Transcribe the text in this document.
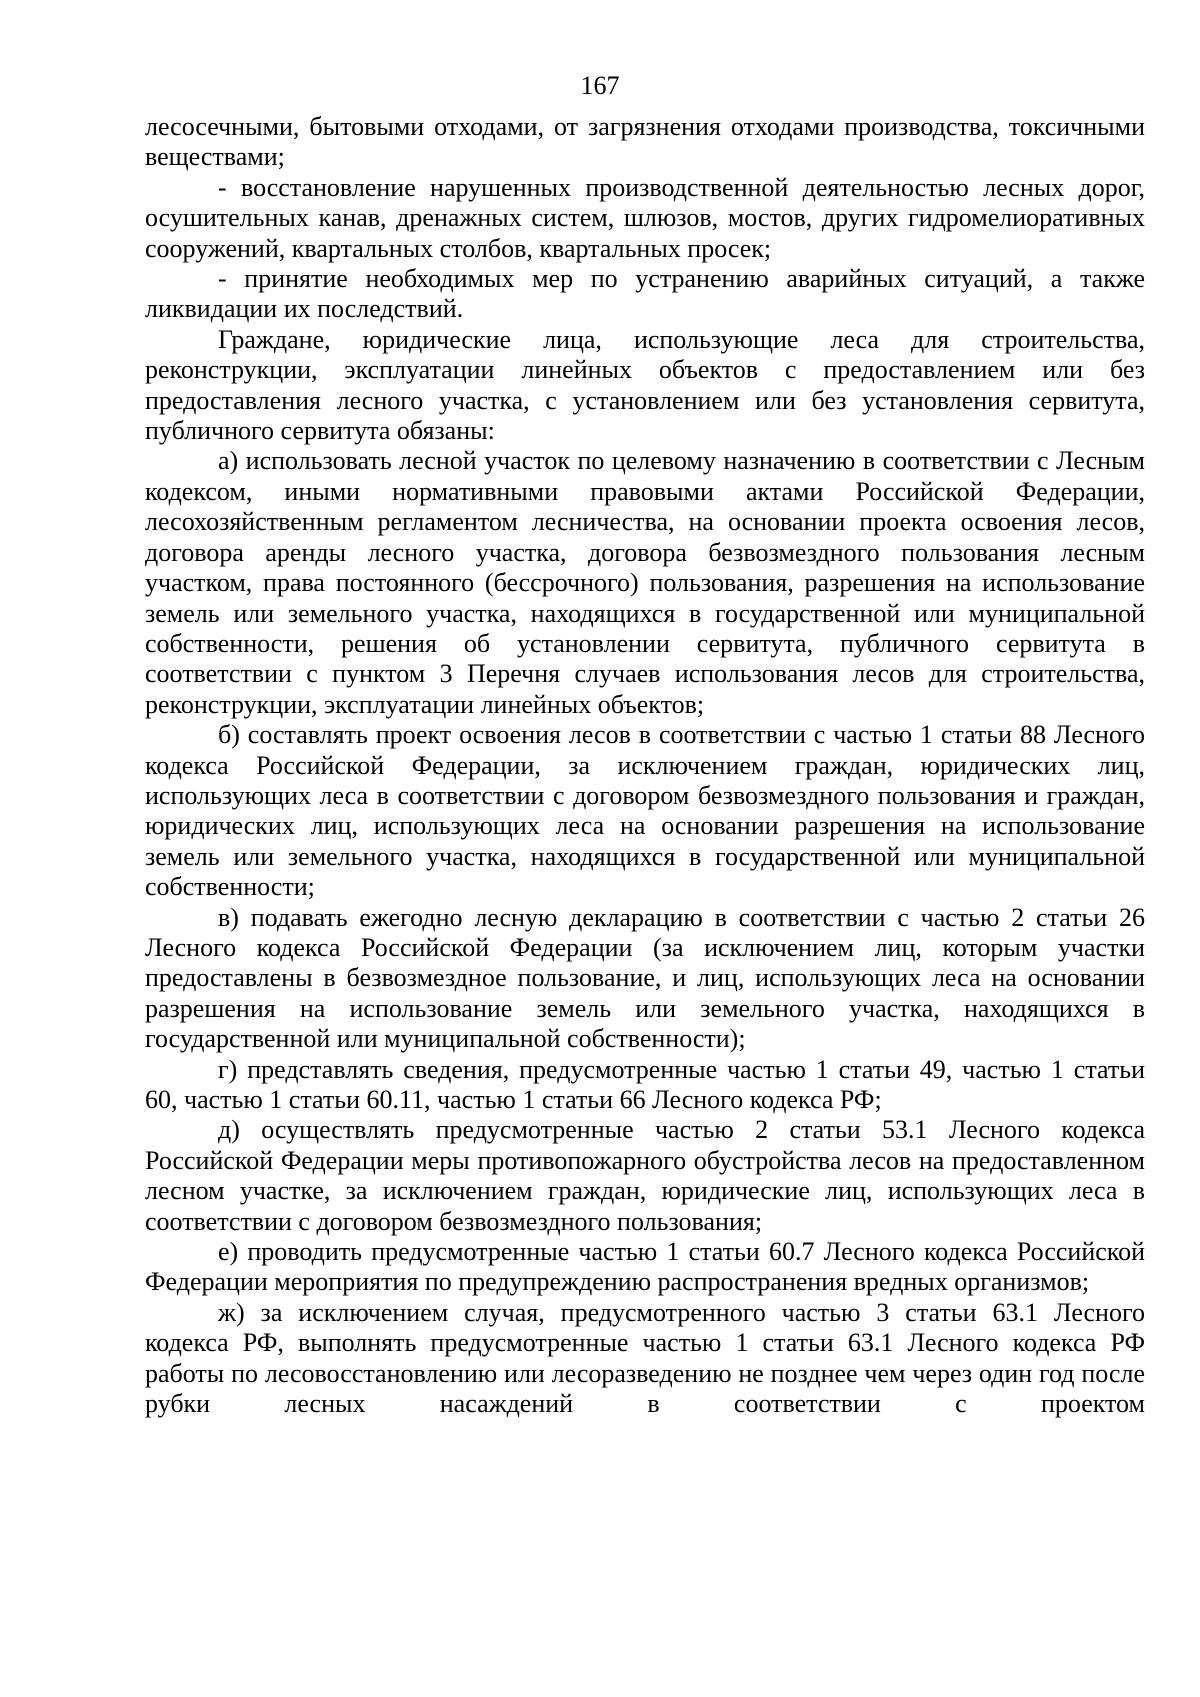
167

лесосечными, бытовыми отходами, от загрязнения отходами производства, токсичными веществами;

- восстановление нарушенных производственной деятельностью лесных дорог, осушительных канав, дренажных систем, шлюзов, мостов, других гидромелиоративных сооружений, квартальных столбов, квартальных просек;

- принятие необходимых мер по устранению аварийных ситуаций, а также ликвидации их последствий.

Граждане, юридические лица, использующие леса для строительства, реконструкции, эксплуатации линейных объектов с предоставлением или без предоставления лесного участка, с установлением или без установления сервитута, публичного сервитута обязаны:

а) использовать лесной участок по целевому назначению в соответствии с Лесным кодексом, иными нормативными правовыми актами Российской Федерации, лесохозяйственным регламентом лесничества, на основании проекта освоения лесов, договора аренды лесного участка, договора безвозмездного пользования лесным участком, права постоянного (бессрочного) пользования, разрешения на использование земель или земельного участка, находящихся в государственной или муниципальной собственности, решения об установлении сервитута, публичного сервитута в соответствии с пунктом 3 Перечня случаев использования лесов для строительства, реконструкции, эксплуатации линейных объектов;

б) составлять проект освоения лесов в соответствии с частью 1 статьи 88 Лесного кодекса Российской Федерации, за исключением граждан, юридических лиц, использующих леса в соответствии с договором безвозмездного пользования и граждан, юридических лиц, использующих леса на основании разрешения на использование земель или земельного участка, находящихся в государственной или муниципальной собственности;

в) подавать ежегодно лесную декларацию в соответствии с частью 2 статьи 26 Лесного кодекса Российской Федерации (за исключением лиц, которым участки предоставлены в безвозмездное пользование, и лиц, использующих леса на основании разрешения на использование земель или земельного участка, находящихся в государственной или муниципальной собственности);

г) представлять сведения, предусмотренные частью 1 статьи 49, частью 1 статьи 60, частью 1 статьи 60.11, частью 1 статьи 66 Лесного кодекса РФ;

д) осуществлять предусмотренные частью 2 статьи 53.1 Лесного кодекса Российской Федерации меры противопожарного обустройства лесов на предоставленном лесном участке, за исключением граждан, юридические лиц, использующих леса в соответствии с договором безвозмездного пользования;

е) проводить предусмотренные частью 1 статьи 60.7 Лесного кодекса Российской Федерации мероприятия по предупреждению распространения вредных организмов;

ж) за исключением случая, предусмотренного частью 3 статьи 63.1 Лесного кодекса РФ, выполнять предусмотренные частью 1 статьи 63.1 Лесного кодекса РФ работы по лесовосстановлению или лесоразведению не позднее чем через один год после рубки лесных насаждений в соответствии с проектом
